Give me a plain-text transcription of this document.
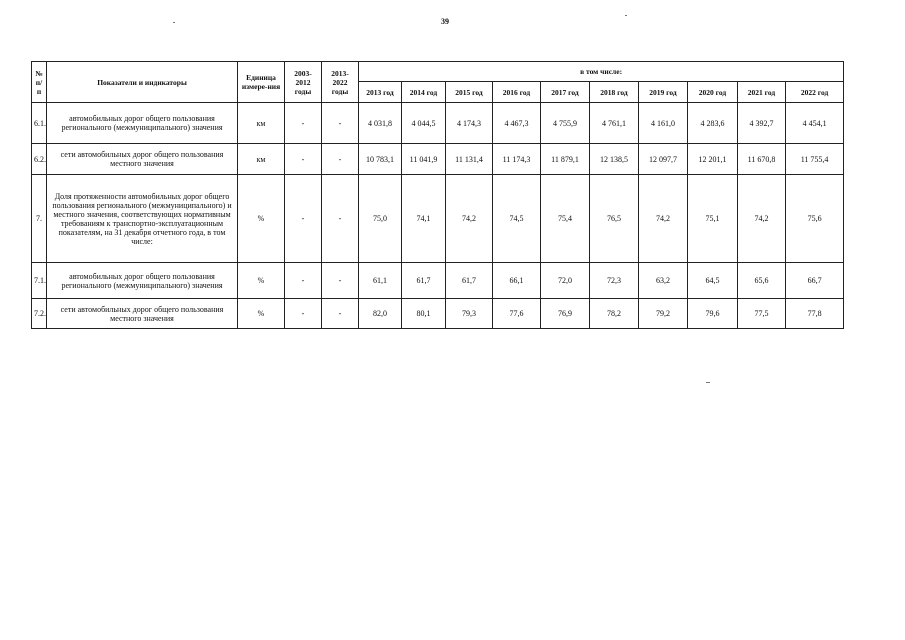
39
№ п/п	Показатели и индикаторы	Единица измере-ния	2003-2012 годы	2013-2022 годы	в том числе:									
					2013 год	2014 год	2015 год	2016 год	2017 год	2018 год	2019 год	2020 год	2021 год	2022 год
6.1.	автомобильных дорог общего пользования регионального (межмуниципального) значения	км	-	-	4 031,8	4 044,5	4 174,3	4 467,3	4 755,9	4 761,1	4 161,0	4 283,6	4 392,7	4 454,1
6.2.	сети автомобильных дорог общего пользования местного значения	км	-	-	10 783,1	11 041,9	11 131,4	11 174,3	11 879,1	12 138,5	12 097,7	12 201,1	11 670,8	11 755,4
7.	Доля протяженности автомобильных дорог общего пользования регионального (межмуниципального) и местного значения, соответствующих нормативным требованиям к транспортно-эксплуатационным показателям, на 31 декабря отчетного года, в том числе:	%	-	-	75,0	74,1	74,2	74,5	75,4	76,5	74,2	75,1	74,2	75,6
7.1.	автомобильных дорог общего пользования регионального (межмуниципального) значения	%	-	-	61,1	61,7	61,7	66,1	72,0	72,3	63,2	64,5	65,6	66,7
7.2.	сети автомобильных дорог общего пользования местного значения	%	-	-	82,0	80,1	79,3	77,6	76,9	78,2	79,2	79,6	77,5	77,8
